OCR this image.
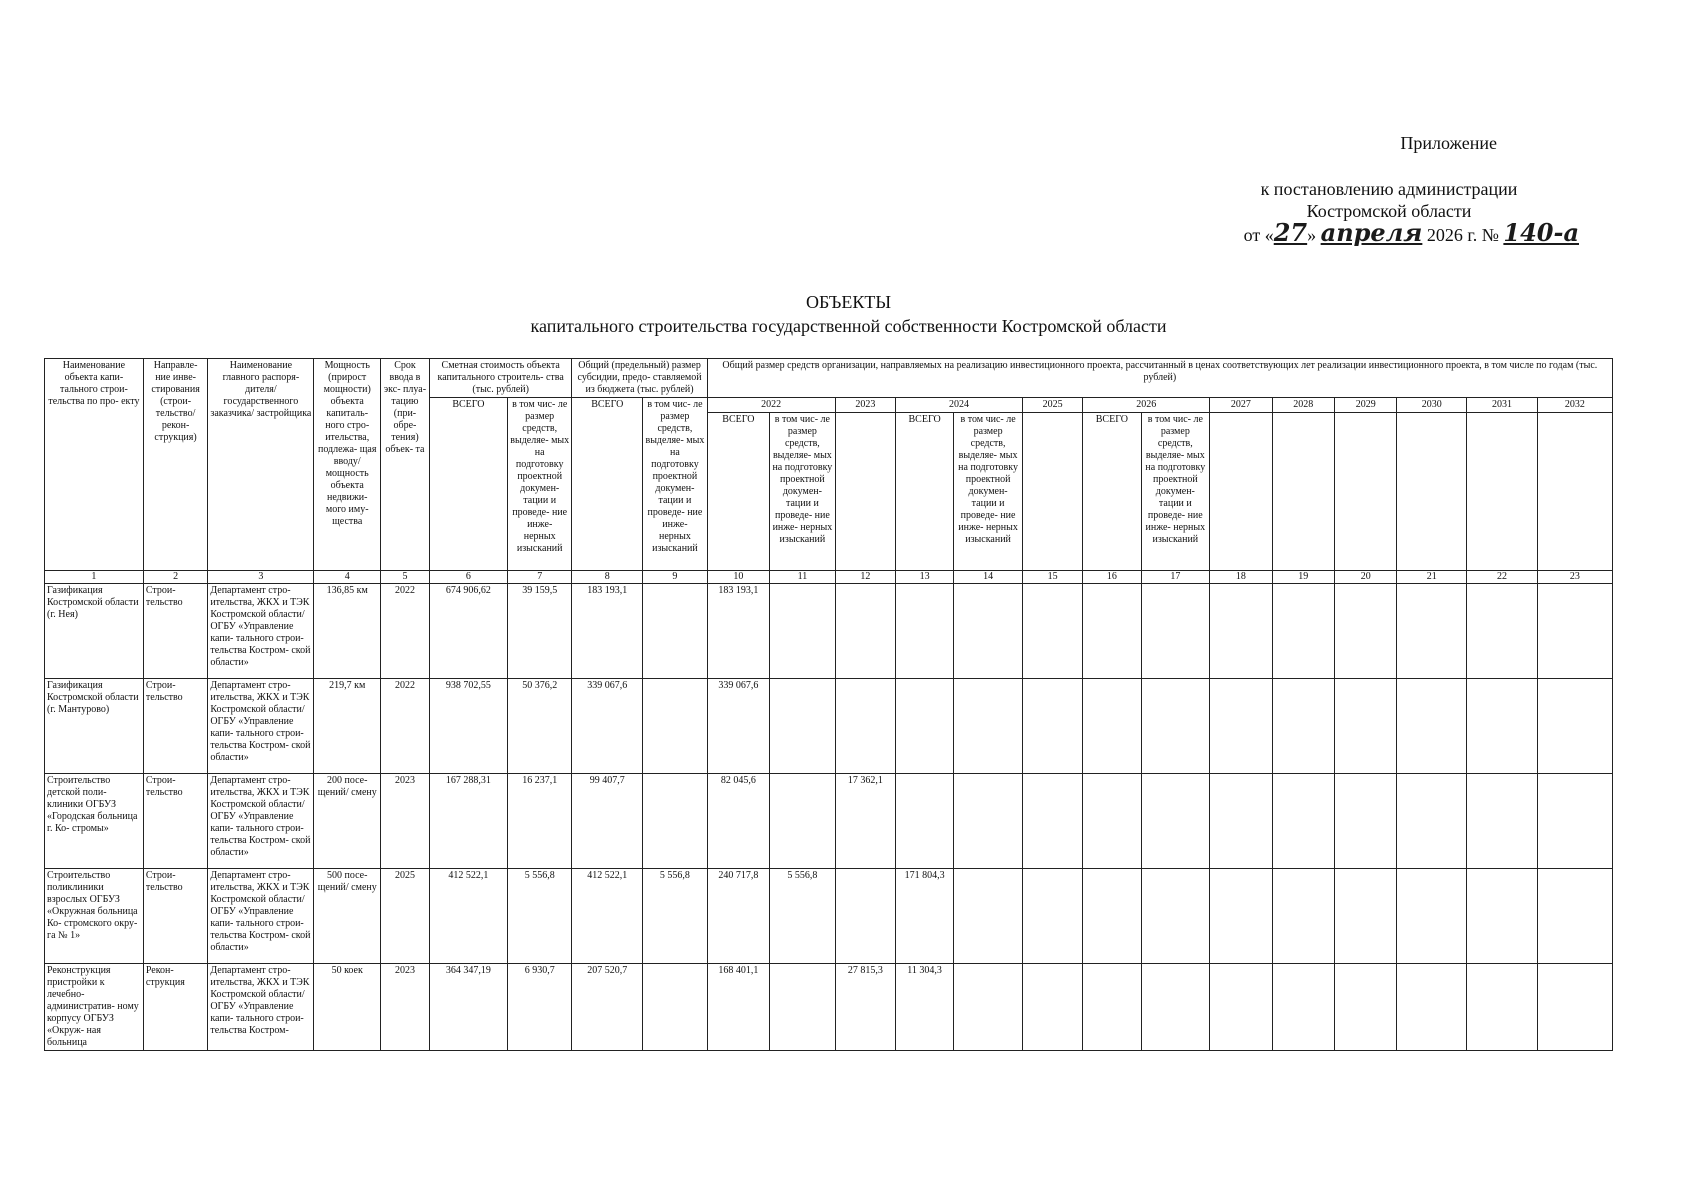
Приложение
к постановлению администрации
Костромской области
от «27» апреля 2026 г. № 140-а
ОБЪЕКТЫ
капитального строительства государственной собственности Костромской области
Наименование объекта капи- тального строи- тельства по про- екту	Направле- ние инве- стирования (строи- тельство/ рекон- струкция)	Наименование главного распоря- дителя/ государственного заказчика/ застройщика	Мощность (прирост мощности) объекта капиталь- ного стро- ительства, подлежа- щая вводу/ мощность объекта недвижи- мого иму- щества	Срок ввода в экс- плуа- тацию (при- обре- тения) объек- та	Сметная стоимость объекта капитального строитель- ства (тыс. рублей)		Общий (предельный) размер субсидии, предо- ставляемой из бюджета (тыс. рублей)		Общий размер средств организации, направляемых на реализацию инвестиционного проекта, рассчитанный в ценах соответствующих лет реализации инвестиционного проекта, в том числе по годам (тыс. рублей)													
					ВСЕГО	в том чис- ле размер средств, выделяе- мых на подготовку проектной докумен- тации и проведе- ние инже- нерных изысканий	ВСЕГО	в том чис- ле размер средств, выделяе- мых на подготовку проектной докумен- тации и проведе- ние инже- нерных изысканий	2022		2023	2024		2025	2026		2027	2028	2029	2030	2031	2032
									ВСЕГО	в том чис- ле размер средств, выделяе- мых на подготовку проектной докумен- тации и проведе- ние инже- нерных изысканий		ВСЕГО	в том чис- ле размер средств, выделяе- мых на подготовку проектной докумен- тации и проведе- ние инже- нерных изысканий		ВСЕГО	в том чис- ле размер средств, выделяе- мых на подготовку проектной докумен- тации и проведе- ние инже- нерных изысканий						
1	2	3	4	5	6	7	8	9	10	11	12	13	14	15	16	17	18	19	20	21	22	23
Газификация Костромской области (г. Нея)	Строи- тельство	Департамент стро- ительства, ЖКХ и ТЭК Костромской области/ОГБУ «Управление капи- тального строи- тельства Костром- ской области»	136,85 км	2022	674 906,62	39 159,5	183 193,1		183 193,1													
Газификация Костромской области (г. Мантурово)	Строи- тельство	Департамент стро- ительства, ЖКХ и ТЭК Костромской области/ОГБУ «Управление капи- тального строи- тельства Костром- ской области»	219,7 км	2022	938 702,55	50 376,2	339 067,6		339 067,6													
Строительство детской поли- клиники ОГБУЗ «Городская больница г. Ко- стромы»	Строи- тельство	Департамент стро- ительства, ЖКХ и ТЭК Костромской области/ОГБУ «Управление капи- тального строи- тельства Костром- ской области»	200 посе- щений/ смену	2023	167 288,31	16 237,1	99 407,7		82 045,6		17 362,1											
Строительство поликлиники взрослых ОГБУЗ «Окружная больница Ко- стромского окру- га № 1»	Строи- тельство	Департамент стро- ительства, ЖКХ и ТЭК Костромской области/ОГБУ «Управление капи- тального строи- тельства Костром- ской области»	500 посе- щений/ смену	2025	412 522,1	5 556,8	412 522,1	5 556,8	240 717,8	5 556,8		171 804,3										
Реконструкция пристройки к лечебно- административ- ному корпусу ОГБУЗ «Окруж- ная больница	Рекон- струкция	Департамент стро- ительства, ЖКХ и ТЭК Костромской области/ОГБУ «Управление капи- тального строи- тельства Костром-	50 коек	2023	364 347,19	6 930,7	207 520,7		168 401,1		27 815,3	11 304,3										
